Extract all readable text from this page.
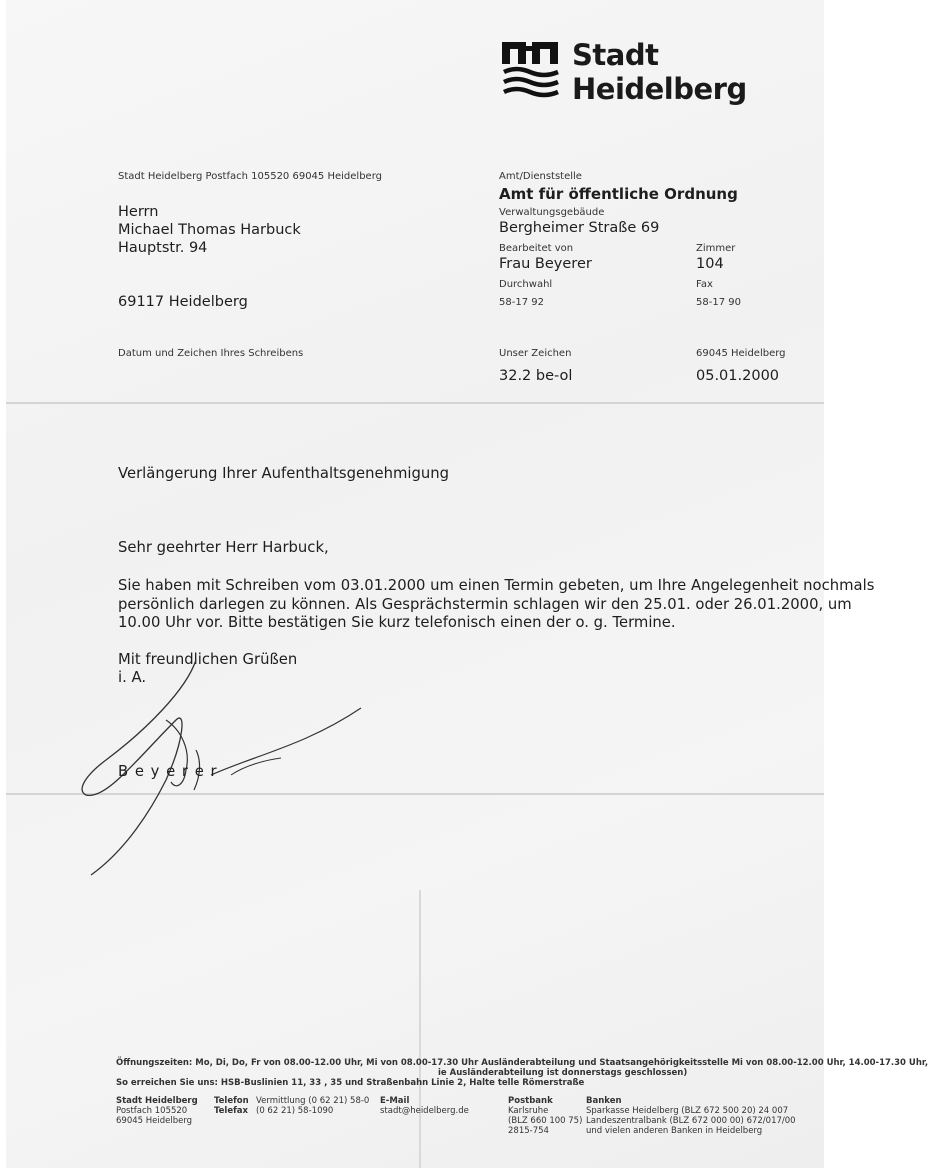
Stadt Heidelberg
Stadt Heidelberg Postfach 105520 69045 Heidelberg
Herrn
Michael Thomas Harbuck
Hauptstr. 94
69117 Heidelberg
Datum und Zeichen Ihres Schreibens
Amt/Dienststelle
Amt für öffentliche Ordnung
Verwaltungsgebäude
Bergheimer Straße 69
Bearbeitet von
Frau Beyerer
Zimmer
104
Durchwahl
58-17 92
Fax
58-17 90
Unser Zeichen
32.2 be-ol
69045 Heidelberg
05.01.2000
Verlängerung Ihrer Aufenthaltsgenehmigung
Sehr geehrter Herr Harbuck,
Sie haben mit Schreiben vom 03.01.2000 um einen Termin gebeten, um Ihre Angelegenheit nochmals
persönlich darlegen zu können. Als Gesprächstermin schlagen wir den 25.01. oder 26.01.2000, um
10.00 Uhr vor. Bitte bestätigen Sie kurz telefonisch einen der o. g. Termine.
Mit freundlichen Grüßen
i. A.
B e y e r e r
Öffnungszeiten: Mo, Di, Do, Fr von 08.00-12.00 Uhr, Mi von 08.00-17.30 Uhr Ausländerabteilung und Staatsangehörigkeitsstelle Mi von 08.00-12.00 Uhr, 14.00-17.30 Uhr,
ie Ausländerabteilung ist donnerstags geschlossen)
So erreichen Sie uns: HSB-Buslinien 11, 33 , 35 und Straßenbahn Linie 2, Halte telle Römerstraße
Stadt Heidelberg
Postfach 105520
69045 Heidelberg
Telefon Vermittlung (0 62 21) 58-0
Telefax (0 62 21) 58-1090
E-Mail
stadt@heidelberg.de
Postbank
Karlsruhe
(BLZ 660 100 75)
2815-754
Banken
Sparkasse Heidelberg (BLZ 672 500 20) 24 007
Landeszentralbank (BLZ 672 000 00) 672/017/00
und vielen anderen Banken in Heidelberg
